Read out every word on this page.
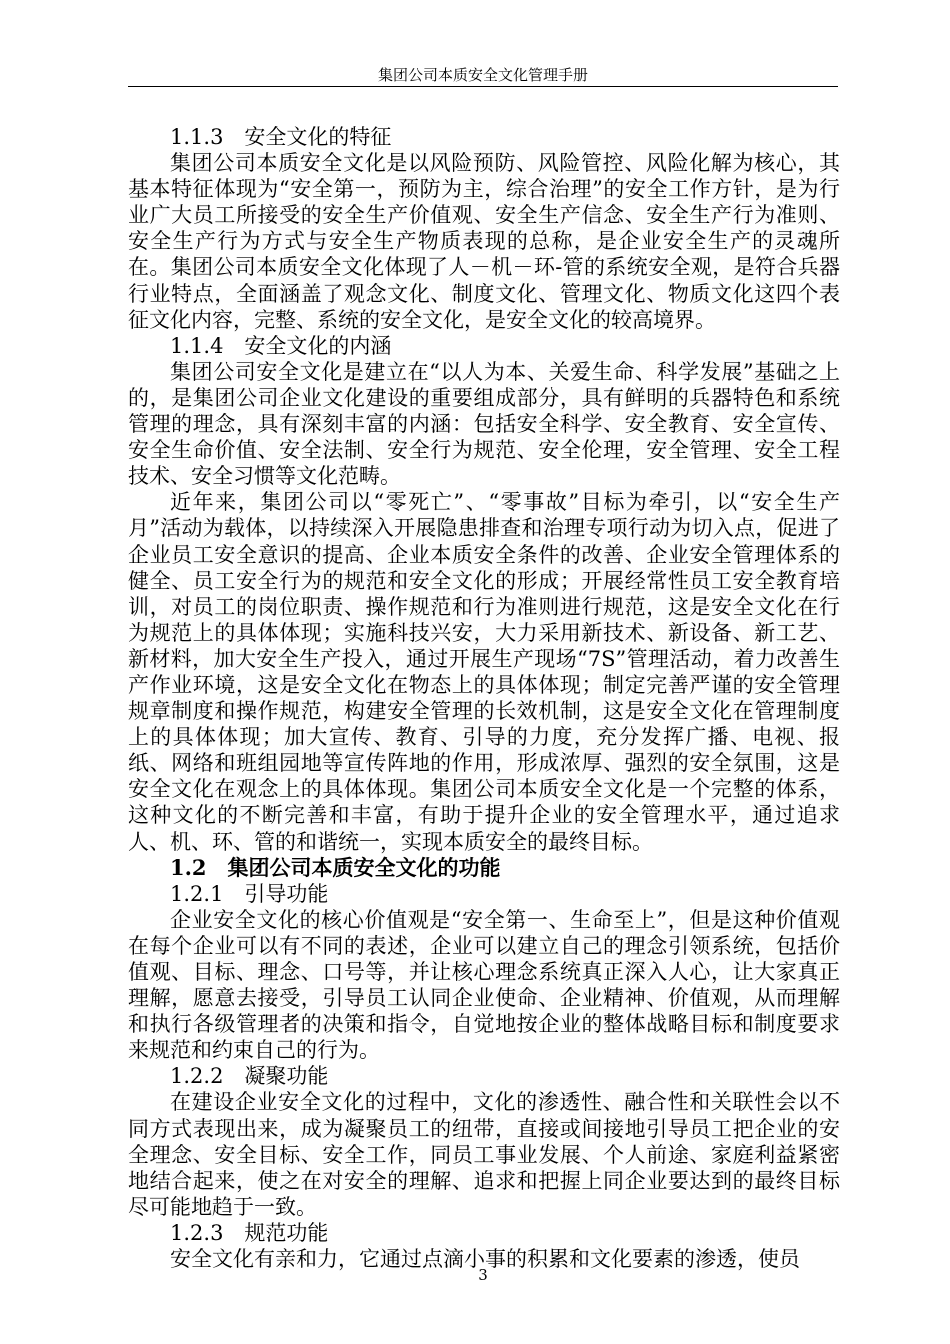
集团公司本质安全文化管理手册

1.1.3　安全文化的特征

集团公司本质安全文化是以风险预防、风险管控、风险化解为核心，其基本特征体现为“安全第一，预防为主，综合治理”的安全工作方针，是为行业广大员工所接受的安全生产价值观、安全生产信念、安全生产行为准则、安全生产行为方式与安全生产物质表现的总称，是企业安全生产的灵魂所在。集团公司本质安全文化体现了人－机－环-管的系统安全观，是符合兵器行业特点，全面涵盖了观念文化、制度文化、管理文化、物质文化这四个表征文化内容，完整、系统的安全文化，是安全文化的较高境界。

1.1.4　安全文化的内涵

集团公司安全文化是建立在“以人为本、关爱生命、科学发展”基础之上的，是集团公司企业文化建设的重要组成部分，具有鲜明的兵器特色和系统管理的理念，具有深刻丰富的内涵：包括安全科学、安全教育、安全宣传、安全生命价值、安全法制、安全行为规范、安全伦理，安全管理、安全工程技术、安全习惯等文化范畴。

近年来，集团公司以“零死亡”、“零事故”目标为牵引，以“安全生产月”活动为载体，以持续深入开展隐患排查和治理专项行动为切入点，促进了企业员工安全意识的提高、企业本质安全条件的改善、企业安全管理体系的健全、员工安全行为的规范和安全文化的形成；开展经常性员工安全教育培训，对员工的岗位职责、操作规范和行为准则进行规范，这是安全文化在行为规范上的具体体现；实施科技兴安，大力采用新技术、新设备、新工艺、新材料，加大安全生产投入，通过开展生产现场“7S”管理活动，着力改善生产作业环境，这是安全文化在物态上的具体体现；制定完善严谨的安全管理规章制度和操作规范，构建安全管理的长效机制，这是安全文化在管理制度上的具体体现；加大宣传、教育、引导的力度，充分发挥广播、电视、报纸、网络和班组园地等宣传阵地的作用，形成浓厚、强烈的安全氛围，这是安全文化在观念上的具体体现。集团公司本质安全文化是一个完整的体系，这种文化的不断完善和丰富，有助于提升企业的安全管理水平，通过追求人、机、环、管的和谐统一，实现本质安全的最终目标。

1.2　集团公司本质安全文化的功能

1.2.1　引导功能

企业安全文化的核心价值观是“安全第一、生命至上”，但是这种价值观在每个企业可以有不同的表述，企业可以建立自己的理念引领系统，包括价值观、目标、理念、口号等，并让核心理念系统真正深入人心，让大家真正理解，愿意去接受，引导员工认同企业使命、企业精神、价值观，从而理解和执行各级管理者的决策和指令，自觉地按企业的整体战略目标和制度要求来规范和约束自己的行为。

1.2.2　凝聚功能

在建设企业安全文化的过程中，文化的渗透性、融合性和关联性会以不同方式表现出来，成为凝聚员工的纽带，直接或间接地引导员工把企业的安全理念、安全目标、安全工作，同员工事业发展、个人前途、家庭利益紧密地结合起来，使之在对安全的理解、追求和把握上同企业要达到的最终目标尽可能地趋于一致。

1.2.3　规范功能

安全文化有亲和力，它通过点滴小事的积累和文化要素的渗透，使员

3
